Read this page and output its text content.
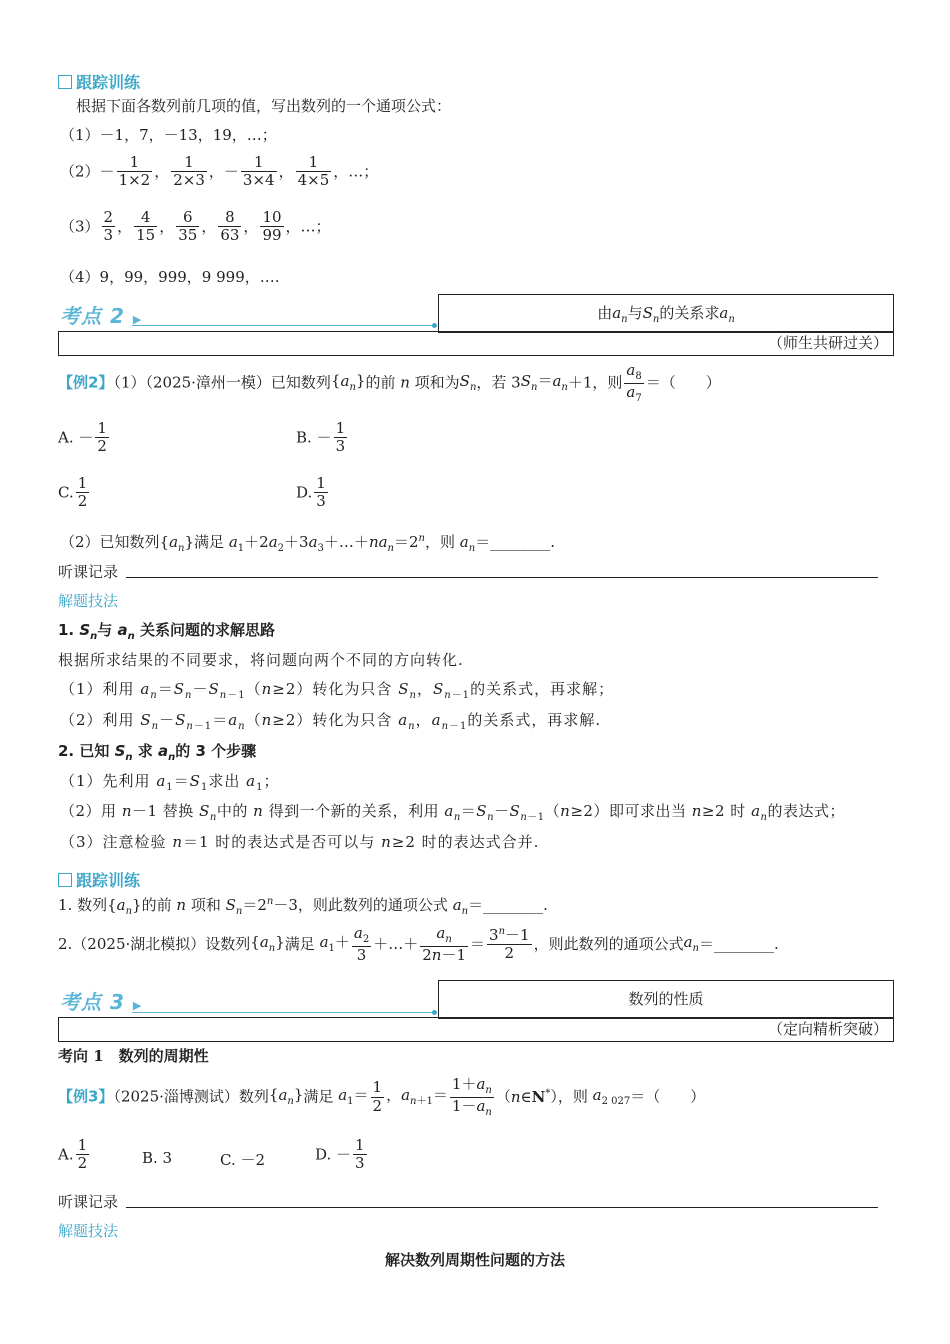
跟踪训练
根据下面各数列前几项的值，写出数列的一个通项公式：
（1）－1，7，－13，19，…；
$(2)- \frac{1}{1\times 2}$ ， $\frac{1}{2\times 3}$ ，－ $\frac{1}{3\times 4}$ ， $\frac{1}{4\times 5}$ ，…；
$(3) \frac{2}{3}$ ， $\frac{4}{15}$ ， $\frac{6}{35}$ ， $\frac{8}{63}$ ， $\frac{10}{99}$ ，…；
（4）9，99，999，9 999，….
考点 2 ▶	由$a_n$与$S_n$的关系求$a_n$
（师生共研过关）
【例2】（1）（2025·漳州一模）已知数列$\{a_n\}$的前 n 项和为$S_n$，若 $3S_n=a_n+1$，则 $\frac{a_8}{a_7}$ ＝（　　）
A. － $\frac{1}{2}$	B. － $\frac{1}{3}$
C. $\frac{1}{2}$	D. $\frac{1}{3}$
（2）已知数列$\{a_n\}$满足 $a_1+2a_2+3a_3+\dots+na_n=2^n$，则 $a_n=\_\_\_\_\_\_\_\_$.
听课记录
解题技法
1. $S_n$与 $a_n$ 关系问题的求解思路
根据所求结果的不同要求，将问题向两个不同的方向转化.
（1）利用 $a_n=S_n-S_{n-1}(n\ge 2)$转化为只含 $S_n$，$S_{n-1}$的关系式，再求解；
（2）利用 $S_n-S_{n-1}=a_n(n\ge 2)$转化为只含 $a_n$，$a_{n-1}$的关系式，再求解.
2. 已知 $S_n$ 求 $a_n$的 3 个步骤
（1）先利用 $a_1=S_1$求出 $a_1$；
（2）用 n－1 替换 $S_n$中的 n 得到一个新的关系，利用 $a_n=S_n-S_{n-1}(n\ge 2)$即可求出当 n≥2 时 $a_n$的表达式；
（3）注意检验 n＝1 时的表达式是否可以与 n≥2 时的表达式合并.
跟踪训练
1. 数列$\{a_n\}$的前 n 项和 $S_n=2^n-3$，则此数列的通项公式 $a_n=\_\_\_\_\_\_\_\_$.
2.（2025·湖北模拟）设数列$\{a_n\}$满足 $a_1+ \frac{a_2}{3}$ ＋…＋ $\frac{a_n}{2n-1} = \frac{3^n-1}{2}$ ，则此数列的通项公式$a_n=\_\_\_\_\_\_\_\_$.
考点 3 ▶	数列的性质
（定向精析突破）
考向 1　数列的周期性
【例3】（2025·淄博测试）数列$\{a_n\}$满足 $a_1= \frac{1}{2}$ ，$a_{n+1}= \frac{1+a_n}{1-a_n}$ （n∈N*），则 $a_{2 027}=$（　　）
A. $\frac{1}{2}$	B. 3	C. －2	D. － $\frac{1}{3}$
听课记录
解题技法
解决数列周期性问题的方法
